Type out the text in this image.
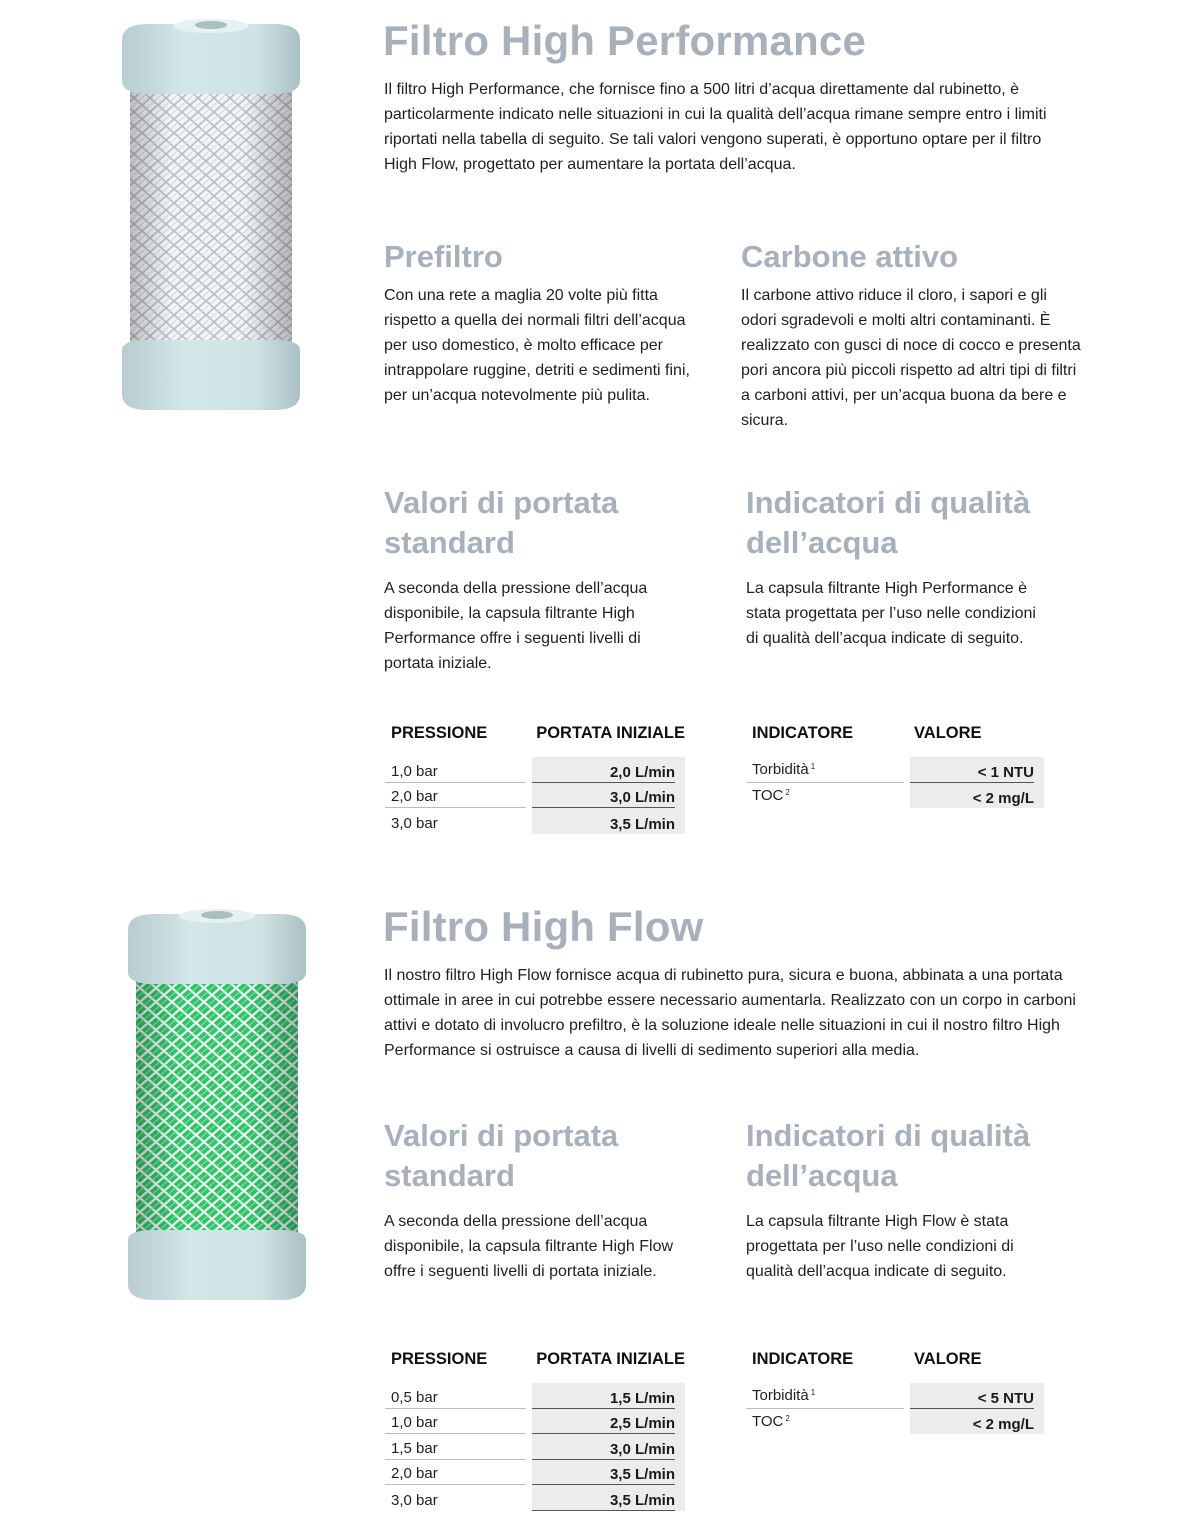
Filtro High Performance
Il filtro High Performance, che fornisce fino a 500 litri d’acqua direttamente dal rubinetto, è particolarmente indicato nelle situazioni in cui la qualità dell’acqua rimane sempre entro i limiti riportati nella tabella di seguito. Se tali valori vengono superati, è opportuno optare per il filtro High Flow, progettato per aumentare la portata dell’acqua.
Prefiltro
Con una rete a maglia 20 volte più fitta rispetto a quella dei normali filtri dell’acqua per uso domestico, è molto efficace per intrappolare ruggine, detriti e sedimenti fini, per un’acqua notevolmente più pulita.
Carbone attivo
Il carbone attivo riduce il cloro, i sapori e gli odori sgradevoli e molti altri contaminanti. È realizzato con gusci di noce di cocco e presenta pori ancora più piccoli rispetto ad altri tipi di filtri a carboni attivi, per un’acqua buona da bere e sicura.
Valori di portata standard
A seconda della pressione dell’acqua disponibile, la capsula filtrante High Performance offre i seguenti livelli di portata iniziale.
Indicatori di qualità dell’acqua
La capsula filtrante High Performance è stata progettata per l’uso nelle condizioni di qualità dell’acqua indicate di seguito.
PRESSIONE		PORTATA INIZIALE
1,0 bar		2,0 L/min
2,0 bar		3,0 L/min
3,0 bar		3,5 L/min
INDICATORE		VALORE
Torbidità $^1$		< 1 NTU
TOC $^2$		< 2 mg/L
Filtro High Flow
Il nostro filtro High Flow fornisce acqua di rubinetto pura, sicura e buona, abbinata a una portata ottimale in aree in cui potrebbe essere necessario aumentarla. Realizzato con un corpo in carboni attivi e dotato di involucro prefiltro, è la soluzione ideale nelle situazioni in cui il nostro filtro High Performance si ostruisce a causa di livelli di sedimento superiori alla media.
Valori di portata standard
A seconda della pressione dell’acqua disponibile, la capsula filtrante High Flow offre i seguenti livelli di portata iniziale.
Indicatori di qualità dell’acqua
La capsula filtrante High Flow è stata progettata per l’uso nelle condizioni di qualità dell’acqua indicate di seguito.
PRESSIONE		PORTATA INIZIALE
0,5 bar		1,5 L/min
1,0 bar		2,5 L/min
1,5 bar		3,0 L/min
2,0 bar		3,5 L/min
3,0 bar		3,5 L/min
INDICATORE		VALORE
Torbidità $^1$		< 5 NTU
TOC $^2$		< 2 mg/L
